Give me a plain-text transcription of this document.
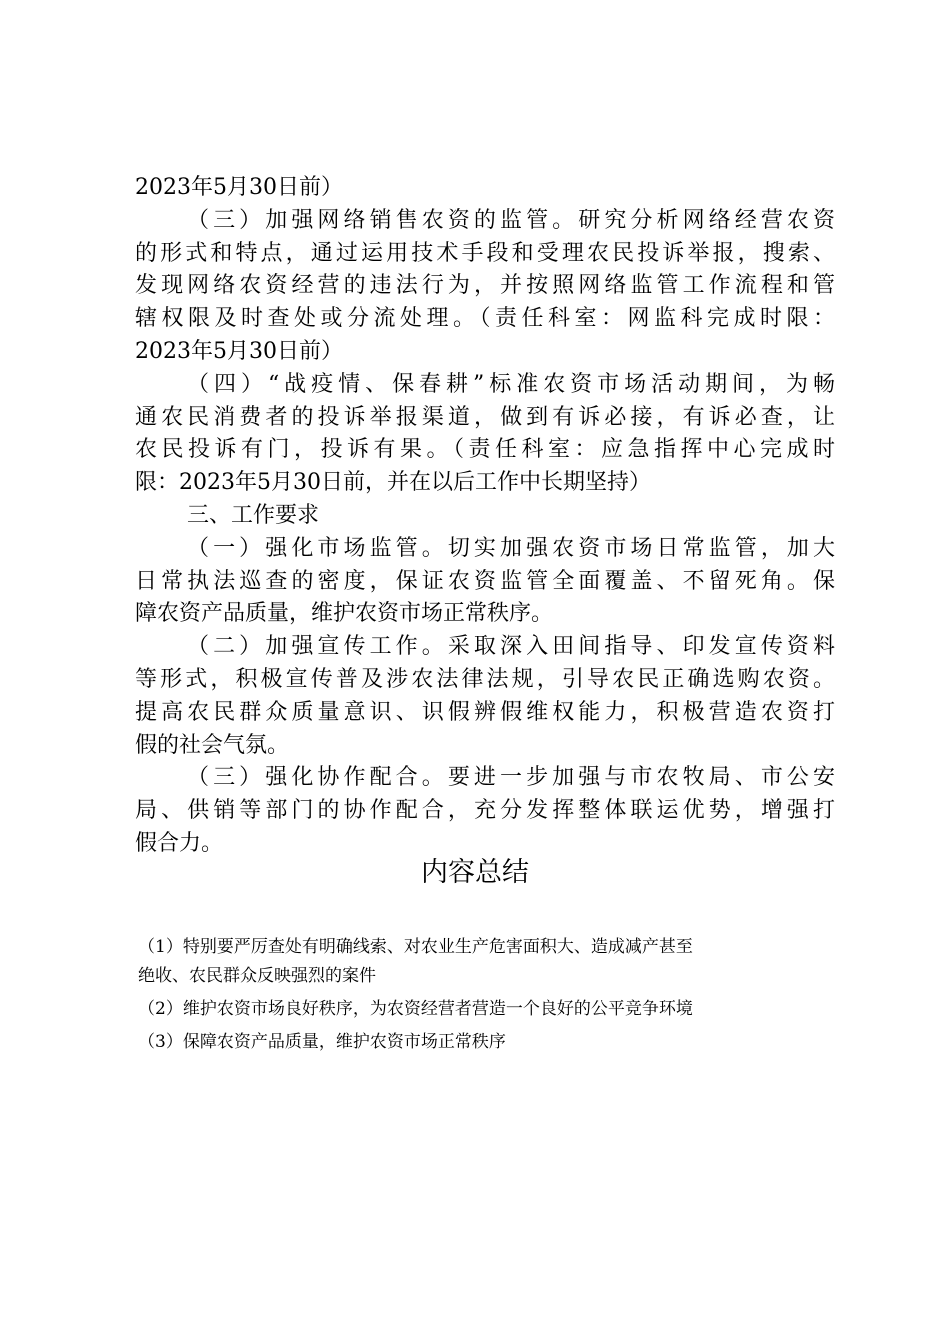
2023年5月30日前）
（三）加强网络销售农资的监管。研究分析网络经营农资
的形式和特点，通过运用技术手段和受理农民投诉举报，搜索、
发现网络农资经营的违法行为，并按照网络监管工作流程和管
辖权限及时查处或分流处理。（责任科室：网监科完成时限：
2023年5月30日前）
（四）“战疫情、保春耕”标准农资市场活动期间，为畅
通农民消费者的投诉举报渠道，做到有诉必接，有诉必查，让
农民投诉有门，投诉有果。（责任科室：应急指挥中心完成时
限：2023年5月30日前，并在以后工作中长期坚持）
三、工作要求
（一）强化市场监管。切实加强农资市场日常监管，加大
日常执法巡查的密度，保证农资监管全面覆盖、不留死角。保
障农资产品质量，维护农资市场正常秩序。
（二）加强宣传工作。采取深入田间指导、印发宣传资料
等形式，积极宣传普及涉农法律法规，引导农民正确选购农资。
提高农民群众质量意识、识假辨假维权能力，积极营造农资打
假的社会气氛。
（三）强化协作配合。要进一步加强与市农牧局、市公安
局、供销等部门的协作配合，充分发挥整体联运优势，增强打
假合力。
内容总结
（1）特别要严厉查处有明确线索、对农业生产危害面积大、造成减产甚至
绝收、农民群众反映强烈的案件
（2）维护农资市场良好秩序，为农资经营者营造一个良好的公平竞争环境
（3）保障农资产品质量，维护农资市场正常秩序
